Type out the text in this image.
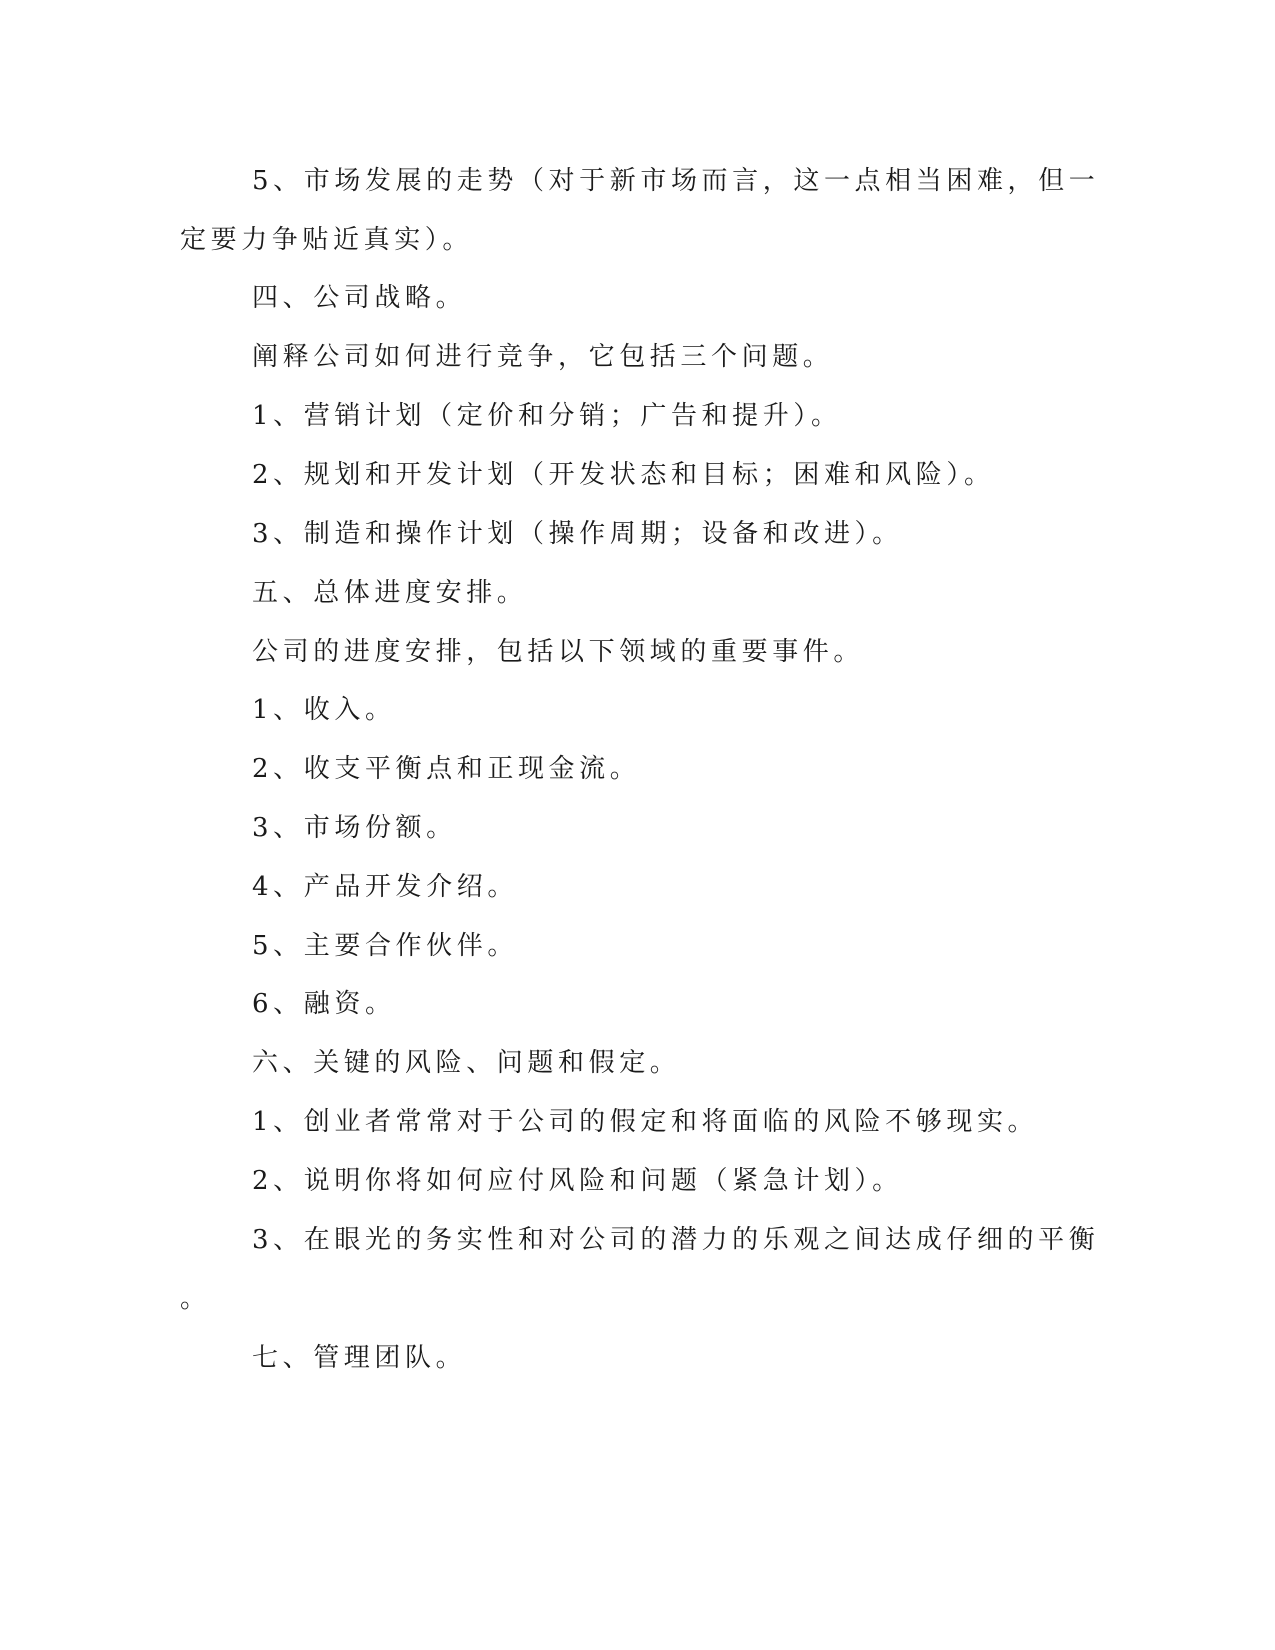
5、市场发展的走势（对于新市场而言，这一点相当困难，但一

定要力争贴近真实）。

四、公司战略。

阐释公司如何进行竞争，它包括三个问题。

1、营销计划（定价和分销；广告和提升）。

2、规划和开发计划（开发状态和目标；困难和风险）。

3、制造和操作计划（操作周期；设备和改进）。

五、总体进度安排。

公司的进度安排，包括以下领域的重要事件。

1、收入。

2、收支平衡点和正现金流。

3、市场份额。

4、产品开发介绍。

5、主要合作伙伴。

6、融资。

六、关键的风险、问题和假定。

1、创业者常常对于公司的假定和将面临的风险不够现实。

2、说明你将如何应付风险和问题（紧急计划）。

3、在眼光的务实性和对公司的潜力的乐观之间达成仔细的平衡

。

七、管理团队。
